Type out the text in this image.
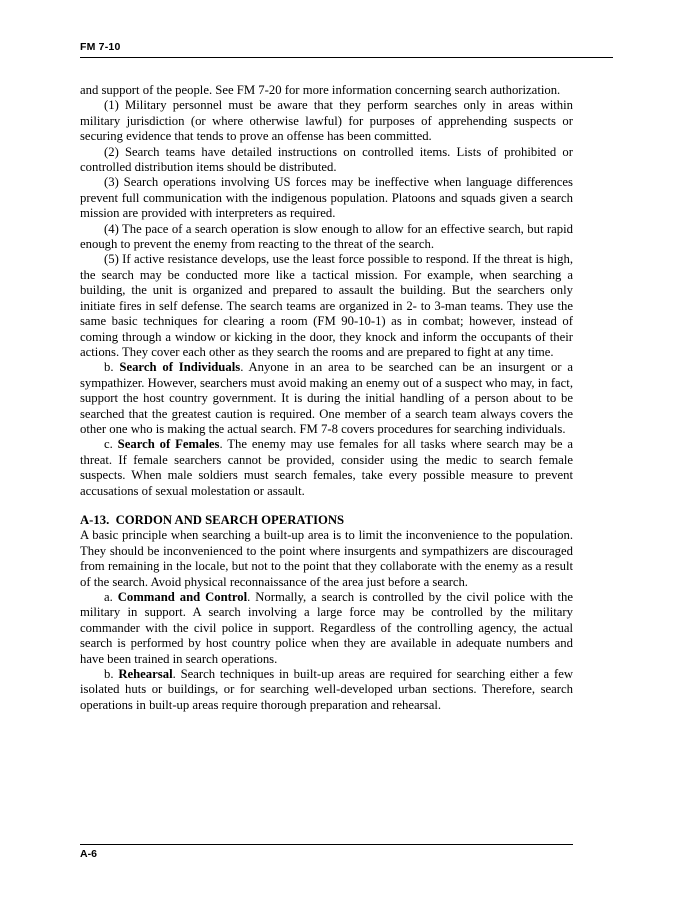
FM 7-10

and support of the people. See FM 7-20 for more information concerning search authorization.

(1) Military personnel must be aware that they perform searches only in areas within military jurisdiction (or where otherwise lawful) for purposes of apprehending suspects or securing evidence that tends to prove an offense has been committed.

(2) Search teams have detailed instructions on controlled items. Lists of prohibited or controlled distribution items should be distributed.

(3) Search operations involving US forces may be ineffective when language differences prevent full communication with the indigenous population. Platoons and squads given a search mission are provided with interpreters as required.

(4) The pace of a search operation is slow enough to allow for an effective search, but rapid enough to prevent the enemy from reacting to the threat of the search.

(5) If active resistance develops, use the least force possible to respond. If the threat is high, the search may be conducted more like a tactical mission. For example, when searching a building, the unit is organized and prepared to assault the building. But the searchers only initiate fires in self defense. The search teams are organized in 2- to 3-man teams. They use the same basic techniques for clearing a room (FM 90-10-1) as in combat; however, instead of coming through a window or kicking in the door, they knock and inform the occupants of their actions. They cover each other as they search the rooms and are prepared to fight at any time.

b. Search of Individuals. Anyone in an area to be searched can be an insurgent or a sympathizer. However, searchers must avoid making an enemy out of a suspect who may, in fact, support the host country government. It is during the initial handling of a person about to be searched that the greatest caution is required. One member of a search team always covers the other one who is making the actual search. FM 7-8 covers procedures for searching individuals.

c. Search of Females. The enemy may use females for all tasks where search may be a threat. If female searchers cannot be provided, consider using the medic to search female suspects. When male soldiers must search females, take every possible measure to prevent accusations of sexual molestation or assault.

A-13.  CORDON AND SEARCH OPERATIONS

A basic principle when searching a built-up area is to limit the inconvenience to the population. They should be inconvenienced to the point where insurgents and sympathizers are discouraged from remaining in the locale, but not to the point that they collaborate with the enemy as a result of the search. Avoid physical reconnaissance of the area just before a search.

a. Command and Control. Normally, a search is controlled by the civil police with the military in support. A search involving a large force may be controlled by the military commander with the civil police in support. Regardless of the controlling agency, the actual search is performed by host country police when they are available in adequate numbers and have been trained in search operations.

b. Rehearsal. Search techniques in built-up areas are required for searching either a few isolated huts or buildings, or for searching well-developed urban sections. Therefore, search operations in built-up areas require thorough preparation and rehearsal.

A-6
